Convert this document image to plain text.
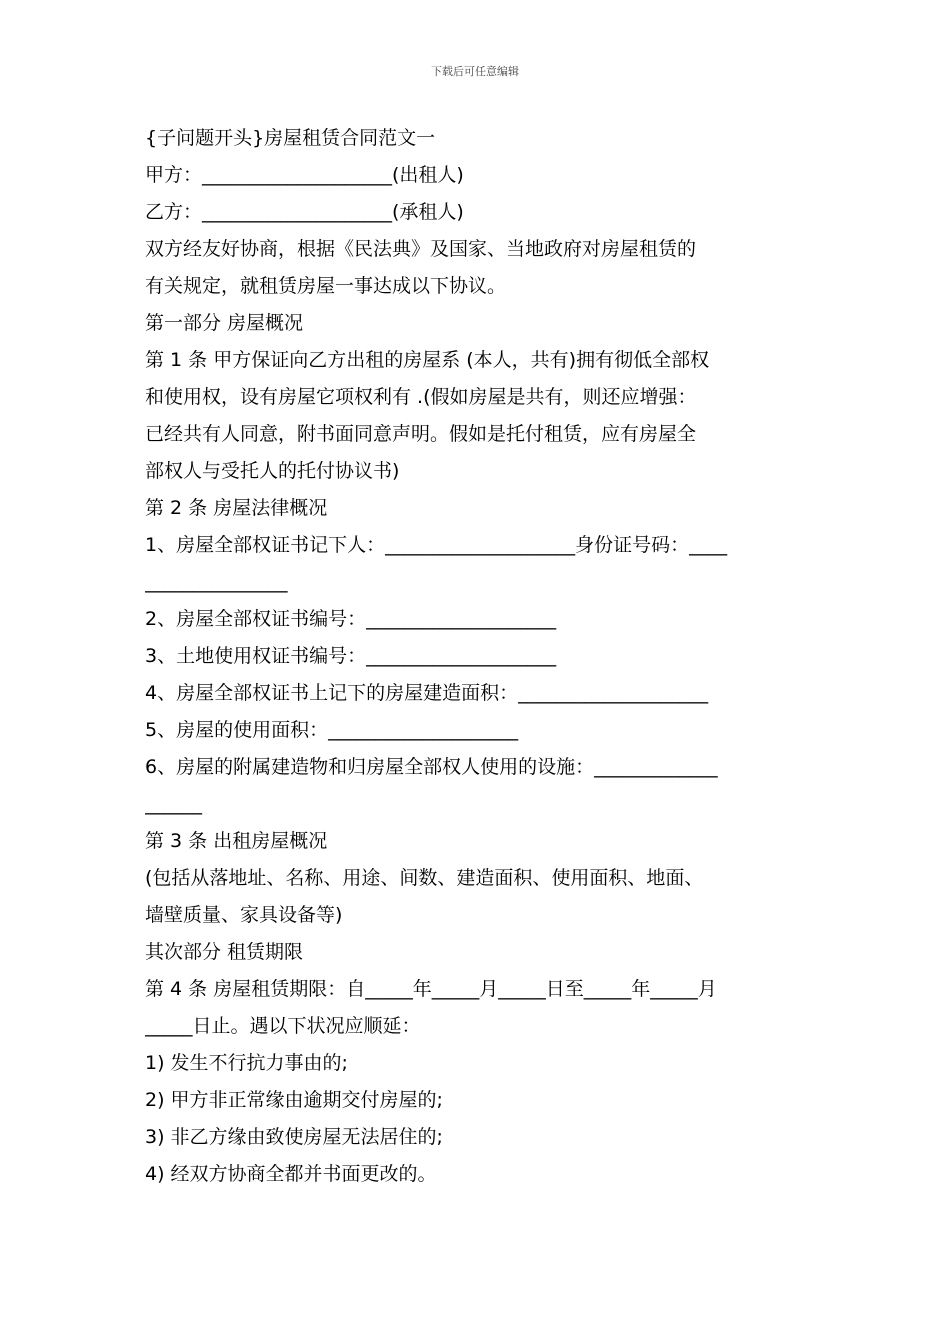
下载后可任意编辑
{子问题开头}房屋租赁合同范文一
甲方：____________________(出租人)
乙方：____________________(承租人)
双方经友好协商，根据《民法典》及国家、当地政府对房屋租赁的
有关规定，就租赁房屋一事达成以下协议。
第一部分 房屋概况
第 1 条 甲方保证向乙方出租的房屋系 (本人，共有)拥有彻低全部权
和使用权，设有房屋它项权利有 .(假如房屋是共有，则还应增强：
已经共有人同意，附书面同意声明。假如是托付租赁，应有房屋全
部权人与受托人的托付协议书)
第 2 条 房屋法律概况
1、房屋全部权证书记下人：____________________身份证号码：____
_______________
2、房屋全部权证书编号：____________________
3、土地使用权证书编号：____________________
4、房屋全部权证书上记下的房屋建造面积：____________________
5、房屋的使用面积：____________________
6、房屋的附属建造物和归房屋全部权人使用的设施：_____________
______
第 3 条 出租房屋概况
(包括从落地址、名称、用途、间数、建造面积、使用面积、地面、
墙壁质量、家具设备等)
其次部分 租赁期限
第 4 条 房屋租赁期限：自_____年_____月_____日至_____年_____月
_____日止。遇以下状况应顺延：
1) 发生不行抗力事由的;
2) 甲方非正常缘由逾期交付房屋的;
3) 非乙方缘由致使房屋无法居住的;
4) 经双方协商全都并书面更改的。
